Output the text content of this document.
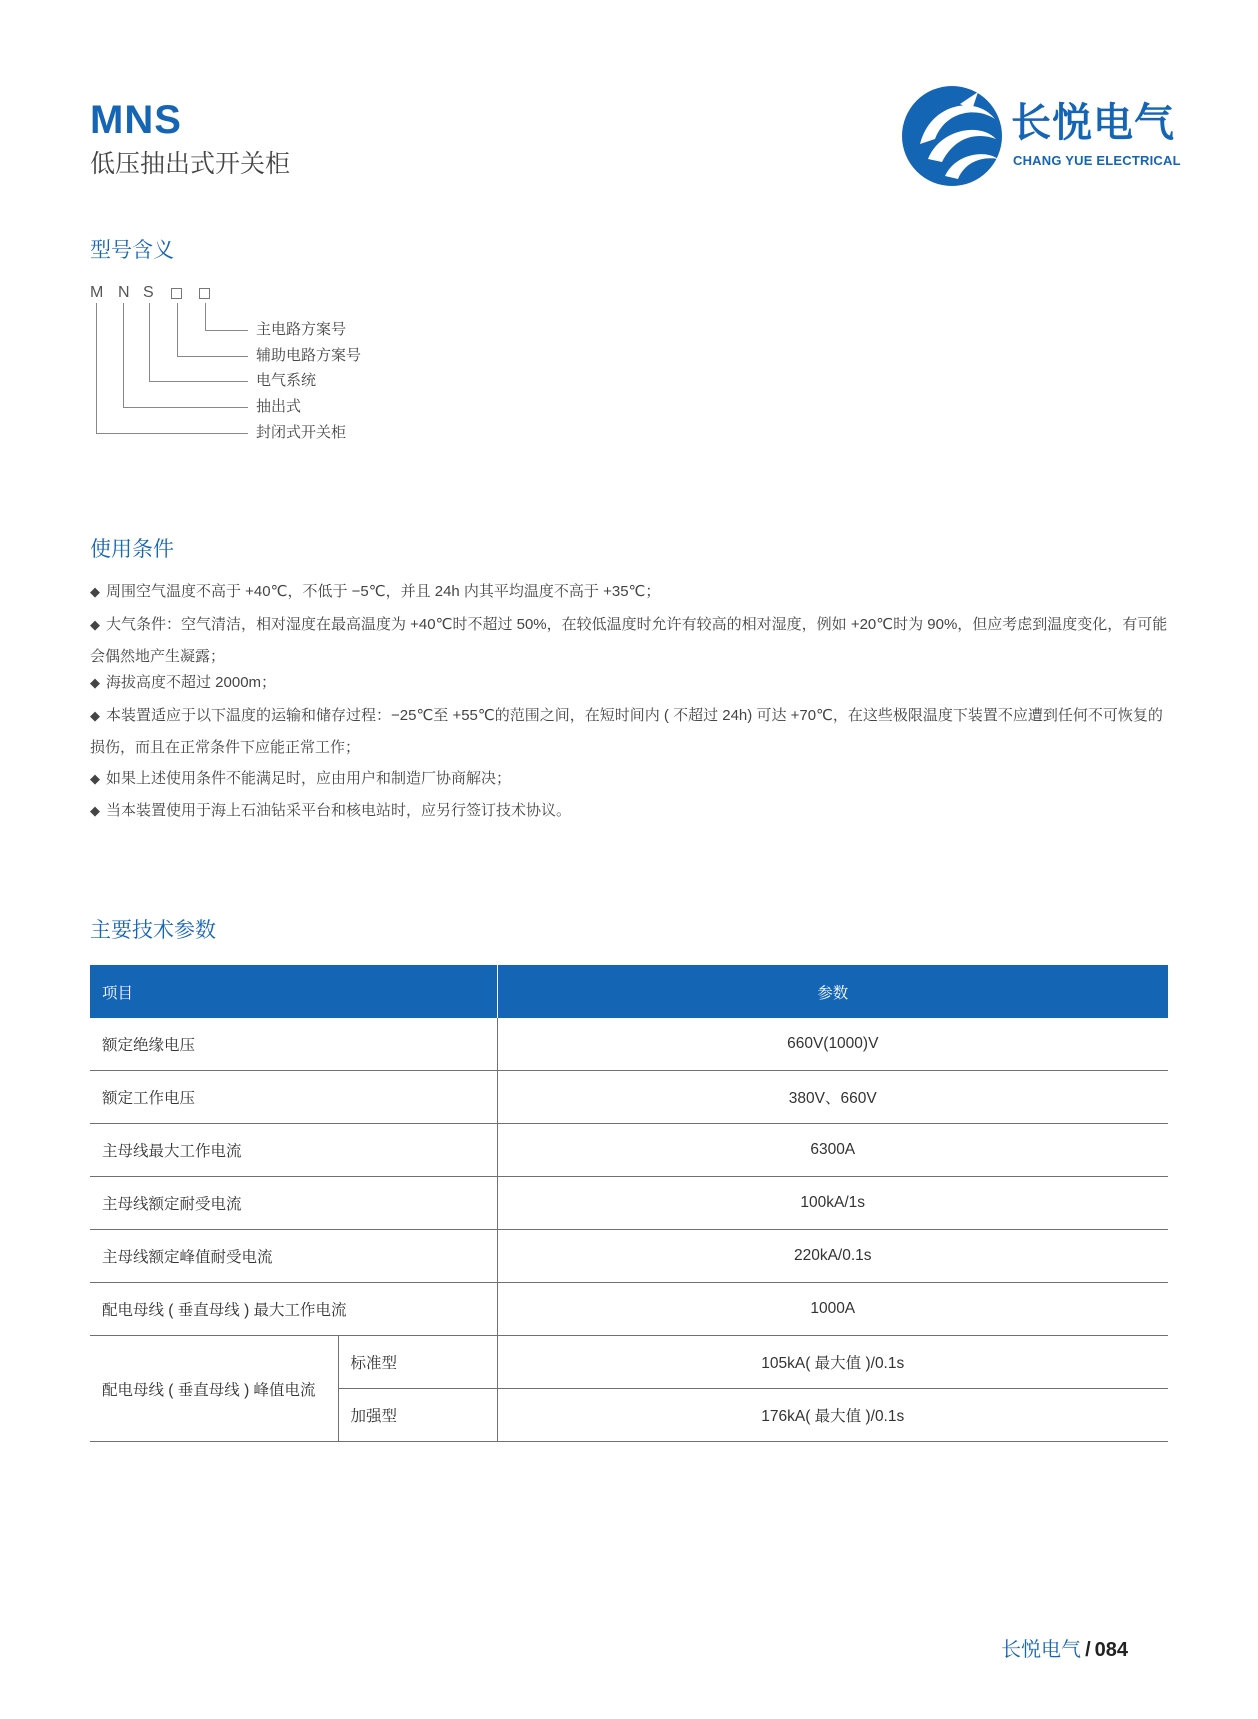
MNS
低压抽出式开关柜
长悦电气
CHANG YUE ELECTRICAL
型号含义
M N S
主电路方案号
辅助电路方案号
电气系统
抽出式
封闭式开关柜
使用条件
◆ 周围空气温度不高于 +40℃，不低于 −5℃，并且 24h 内其平均温度不高于 +35℃；
◆ 大气条件：空气清洁，相对湿度在最高温度为 +40℃时不超过 50%，在较低温度时允许有较高的相对湿度，例如 +20℃时为 90%，但应考虑到温度变化，有可能会偶然地产生凝露；
◆ 海拔高度不超过 2000m；
◆ 本装置适应于以下温度的运输和储存过程：−25℃至 +55℃的范围之间，在短时间内 ( 不超过 24h) 可达 +70℃，在这些极限温度下装置不应遭到任何不可恢复的损伤，而且在正常条件下应能正常工作；
◆ 如果上述使用条件不能满足时，应由用户和制造厂协商解决；
◆ 当本装置使用于海上石油钻采平台和核电站时，应另行签订技术协议。
主要技术参数
项目		参数
额定绝缘电压		660V(1000)V
额定工作电压		380V、660V
主母线最大工作电流		6300A
主母线额定耐受电流		100kA/1s
主母线额定峰值耐受电流		220kA/0.1s
配电母线 ( 垂直母线 ) 最大工作电流		1000A
配电母线 ( 垂直母线 ) 峰值电流	标准型	105kA( 最大值 )/0.1s
	加强型	176kA( 最大值 )/0.1s
长悦电气 / 084
